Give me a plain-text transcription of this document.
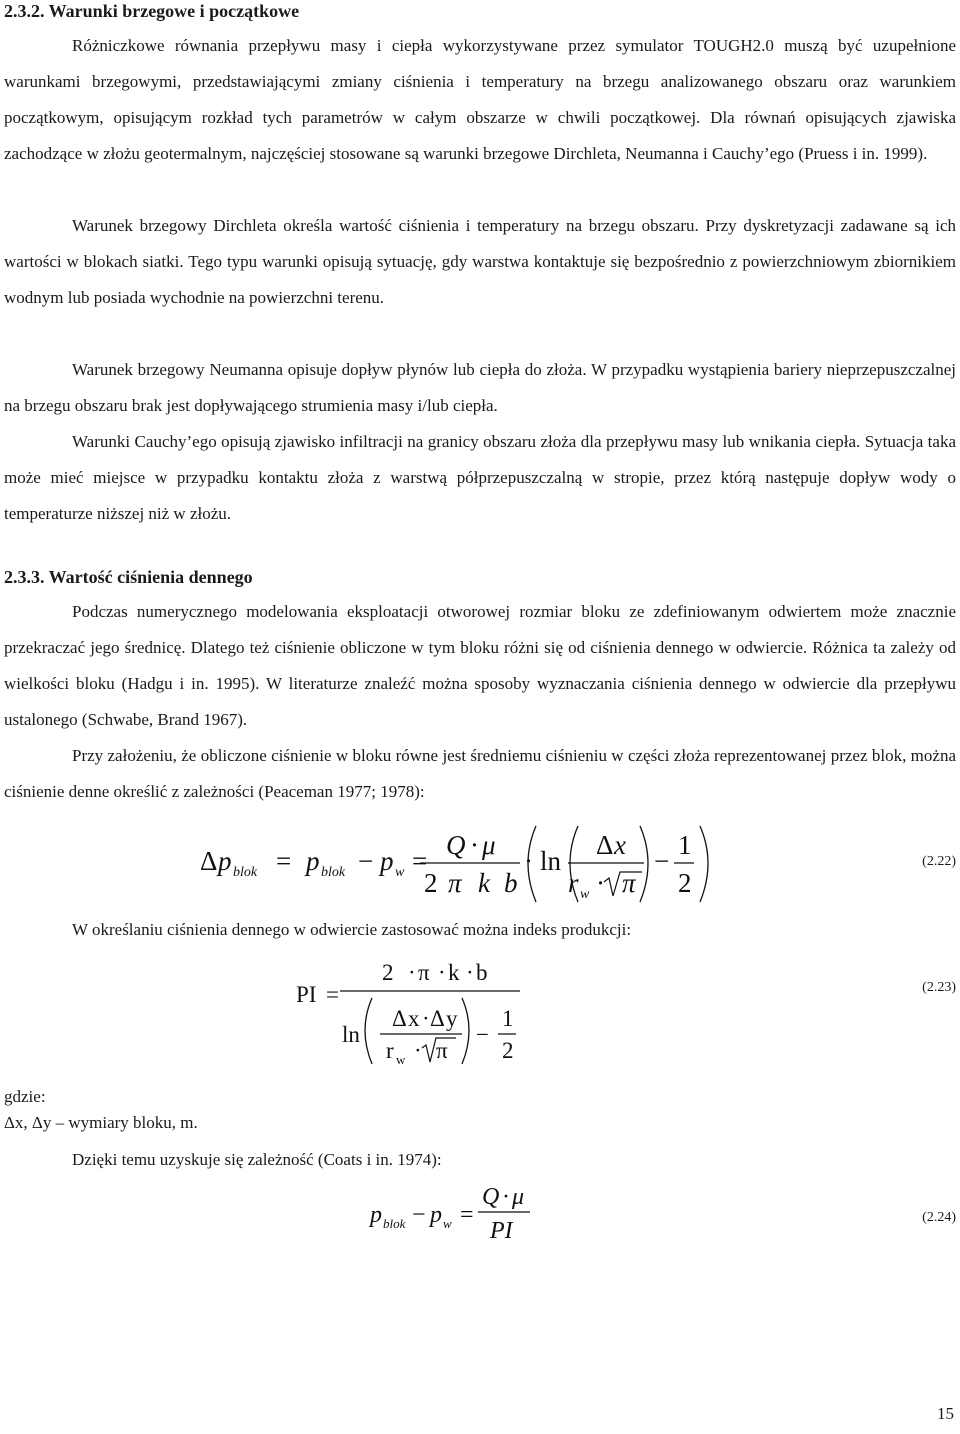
2.3.2. Warunki brzegowe i początkowe

Różniczkowe równania przepływu masy i ciepła wykorzystywane przez symulator TOUGH2.0 muszą być uzupełnione warunkami brzegowymi, przedstawiającymi zmiany ciśnienia i temperatury na brzegu analizowanego obszaru oraz warunkiem początkowym, opisującym rozkład tych parametrów w całym obszarze w chwili początkowej. Dla równań opisujących zjawiska zachodzące w złożu geotermalnym, najczęściej stosowane są warunki brzegowe Dirchleta, Neumanna i Cauchy’ego (Pruess i in. 1999).

Warunek brzegowy Dirchleta określa wartość ciśnienia i temperatury na brzegu obszaru. Przy dyskretyzacji zadawane są ich wartości w blokach siatki. Tego typu warunki opisują sytuację, gdy warstwa kontaktuje się bezpośrednio z powierzchniowym zbiornikiem wodnym lub posiada wychodnie na powierzchni terenu.

Warunek brzegowy Neumanna opisuje dopływ płynów lub ciepła do złoża. W przypadku wystąpienia bariery nieprzepuszczalnej na brzegu obszaru brak jest dopływającego strumienia masy i/lub ciepła.

Warunki Cauchy’ego opisują zjawisko infiltracji na granicy obszaru złoża dla przepływu masy lub wnikania ciepła. Sytuacja taka może mieć miejsce w przypadku kontaktu złoża z warstwą półprzepuszczalną w stropie, przez którą następuje dopływ wody o temperaturze niższej niż w złożu.

2.3.3. Wartość ciśnienia dennego

Podczas numerycznego modelowania eksploatacji otworowej rozmiar bloku ze zdefiniowanym odwiertem może znacznie przekraczać jego średnicę. Dlatego też ciśnienie obliczone w tym bloku różni się od ciśnienia dennego w odwiercie. Różnica ta zależy od wielkości bloku (Hadgu i in. 1995). W literaturze znaleźć można sposoby wyznaczania ciśnienia dennego w odwiercie dla przepływu ustalonego (Schwabe, Brand 1967).

Przy założeniu, że obliczone ciśnienie w bloku równe jest średniemu ciśnieniu w części złoża reprezentowanej przez blok, można ciśnienie denne określić z zależności (Peaceman 1977; 1978):

Δ p blok = p blok − p w =
Q · μ
2 π k b
· ln
Δ x
r w · π
−
1
2
(2.22)

W określaniu ciśnienia dennego w odwiercie zastosować można indeks produkcji:

PI =
2 · π · k · b
ln
Δ x · Δ y
r w · π
−
1
2
(2.23)
gdzie:
Δx, Δy – wymiary bloku, m.

Dzięki temu uzyskuje się zależność (Coats i in. 1974):

p blok − p w =
Q · μ
PI
(2.24)
15
